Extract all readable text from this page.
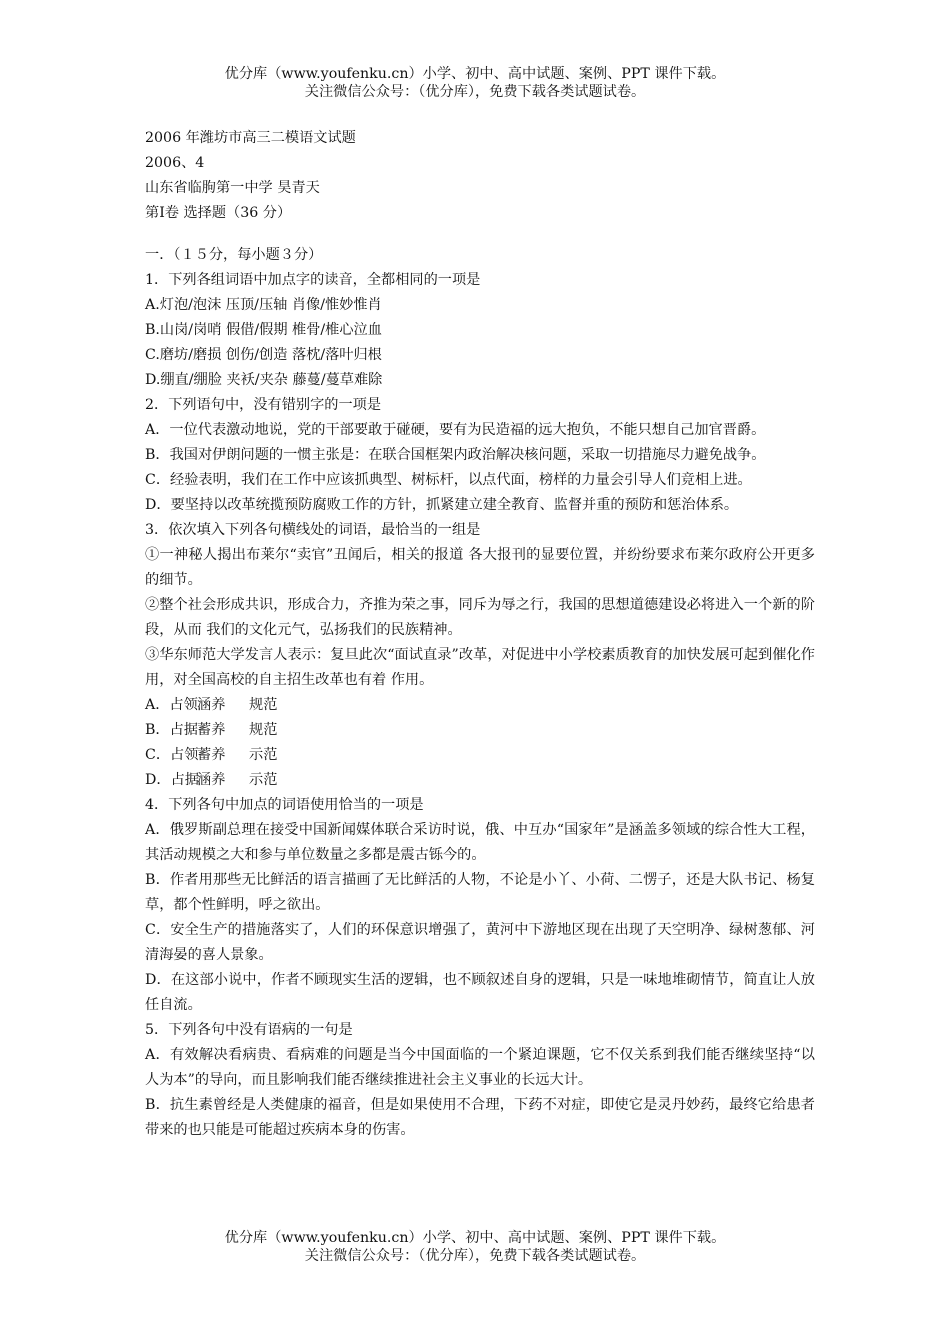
优分库（www.youfenku.cn）小学、初中、高中试题、案例、PPT 课件下载。
关注微信公众号：（优分库），免费下载各类试题试卷。
2006 年潍坊市高三二模语文试题
2006、4
山东省临朐第一中学 昊青天
第Ⅰ卷 选择题（36 分）
一．（１５分，每小题３分）
1．下列各组词语中加点字的读音，全都相同的一项是
A.灯泡/泡沫 压顶/压轴 肖像/惟妙惟肖
B.山岗/岗哨 假借/假期 椎骨/椎心泣血
C.磨坊/磨损 创伤/创造 落枕/落叶归根
D.绷直/绷脸 夹袄/夹杂 藤蔓/蔓草难除
2．下列语句中，没有错别字的一项是
A．一位代表激动地说，党的干部要敢于碰硬，要有为民造福的远大抱负，不能只想自己加官晋爵。
B．我国对伊朗问题的一惯主张是：在联合国框架内政治解决核问题，采取一切措施尽力避免战争。
C．经验表明，我们在工作中应该抓典型、树标杆，以点代面，榜样的力量会引导人们竞相上进。
D．要坚持以改革统揽预防腐败工作的方针，抓紧建立建全教育、监督并重的预防和惩治体系。
3．依次填入下列各句横线处的词语，最恰当的一组是
①一神秘人揭出布莱尔“卖官”丑闻后，相关的报道 各大报刊的显要位置，并纷纷要求布莱尔政府公开更多的细节。
②整个社会形成共识，形成合力，齐推为荣之事，同斥为辱之行，我国的思想道德建设必将进入一个新的阶段，从而 我们的文化元气，弘扬我们的民族精神。
③华东师范大学发言人表示：复旦此次“面试直录”改革，对促进中小学校素质教育的加快发展可起到催化作用，对全国高校的自主招生改革也有着 作用。
A．占领涵养 规范
B．占据蓄养 规范
C．占领蓄养 示范
D．占据涵养 示范
4．下列各句中加点的词语使用恰当的一项是
A．俄罗斯副总理在接受中国新闻媒体联合采访时说，俄、中互办“国家年”是涵盖多领域的综合性大工程，其活动规模之大和参与单位数量之多都是震古铄今的。
B．作者用那些无比鲜活的语言描画了无比鲜活的人物，不论是小丫、小荷、二愣子，还是大队书记、杨复草，都个性鲜明，呼之欲出。
C．安全生产的措施落实了，人们的环保意识增强了，黄河中下游地区现在出现了天空明净、绿树葱郁、河清海晏的喜人景象。
D．在这部小说中，作者不顾现实生活的逻辑，也不顾叙述自身的逻辑，只是一味地堆砌情节，简直让人放任自流。
5．下列各句中没有语病的一句是
A．有效解决看病贵、看病难的问题是当今中国面临的一个紧迫课题，它不仅关系到我们能否继续坚持“以人为本”的导向，而且影响我们能否继续推进社会主义事业的长远大计。
B．抗生素曾经是人类健康的福音，但是如果使用不合理，下药不对症，即使它是灵丹妙药，最终它给患者带来的也只能是可能超过疾病本身的伤害。
优分库（www.youfenku.cn）小学、初中、高中试题、案例、PPT 课件下载。
关注微信公众号：（优分库），免费下载各类试题试卷。
